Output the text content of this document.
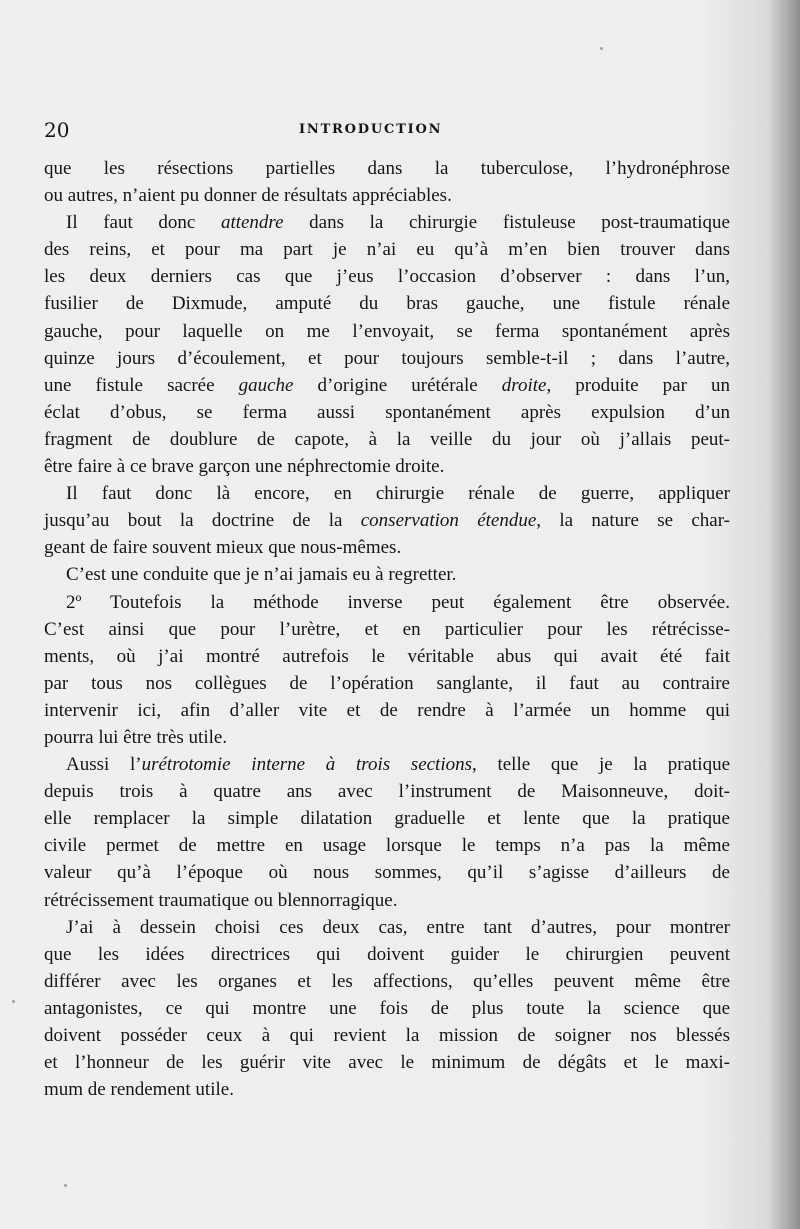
20	INTRODUCTION
que les résections partielles dans la tuberculose, l’hydronéphrose
ou autres, n’aient pu donner de résultats appréciables.
Il faut donc attendre dans la chirurgie fistuleuse post-traumatique
des reins, et pour ma part je n’ai eu qu’à m’en bien trouver dans
les deux derniers cas que j’eus l’occasion d’observer : dans l’un,
fusilier de Dixmude, amputé du bras gauche, une fistule rénale
gauche, pour laquelle on me l’envoyait, se ferma spontanément après
quinze jours d’écoulement, et pour toujours semble-t-il ; dans l’autre,
une fistule sacrée gauche d’origine urétérale droite, produite par un
éclat d’obus, se ferma aussi spontanément après expulsion d’un
fragment de doublure de capote, à la veille du jour où j’allais peut-
être faire à ce brave garçon une néphrectomie droite.
Il faut donc là encore, en chirurgie rénale de guerre, appliquer
jusqu’au bout la doctrine de la conservation étendue, la nature se char-
geant de faire souvent mieux que nous-mêmes.
C’est une conduite que je n’ai jamais eu à regretter.
2º Toutefois la méthode inverse peut également être observée.
C’est ainsi que pour l’urètre, et en particulier pour les rétrécisse-
ments, où j’ai montré autrefois le véritable abus qui avait été fait
par tous nos collègues de l’opération sanglante, il faut au contraire
intervenir ici, afin d’aller vite et de rendre à l’armée un homme qui
pourra lui être très utile.
Aussi l’urétrotomie interne à trois sections, telle que je la pratique
depuis trois à quatre ans avec l’instrument de Maisonneuve, doit-
elle remplacer la simple dilatation graduelle et lente que la pratique
civile permet de mettre en usage lorsque le temps n’a pas la même
valeur qu’à l’époque où nous sommes, qu’il s’agisse d’ailleurs de
rétrécissement traumatique ou blennorragique.
J’ai à dessein choisi ces deux cas, entre tant d’autres, pour montrer
que les idées directrices qui doivent guider le chirurgien peuvent
différer avec les organes et les affections, qu’elles peuvent même être
antagonistes, ce qui montre une fois de plus toute la science que
doivent posséder ceux à qui revient la mission de soigner nos blessés
et l’honneur de les guérir vite avec le minimum de dégâts et le maxi-
mum de rendement utile.
